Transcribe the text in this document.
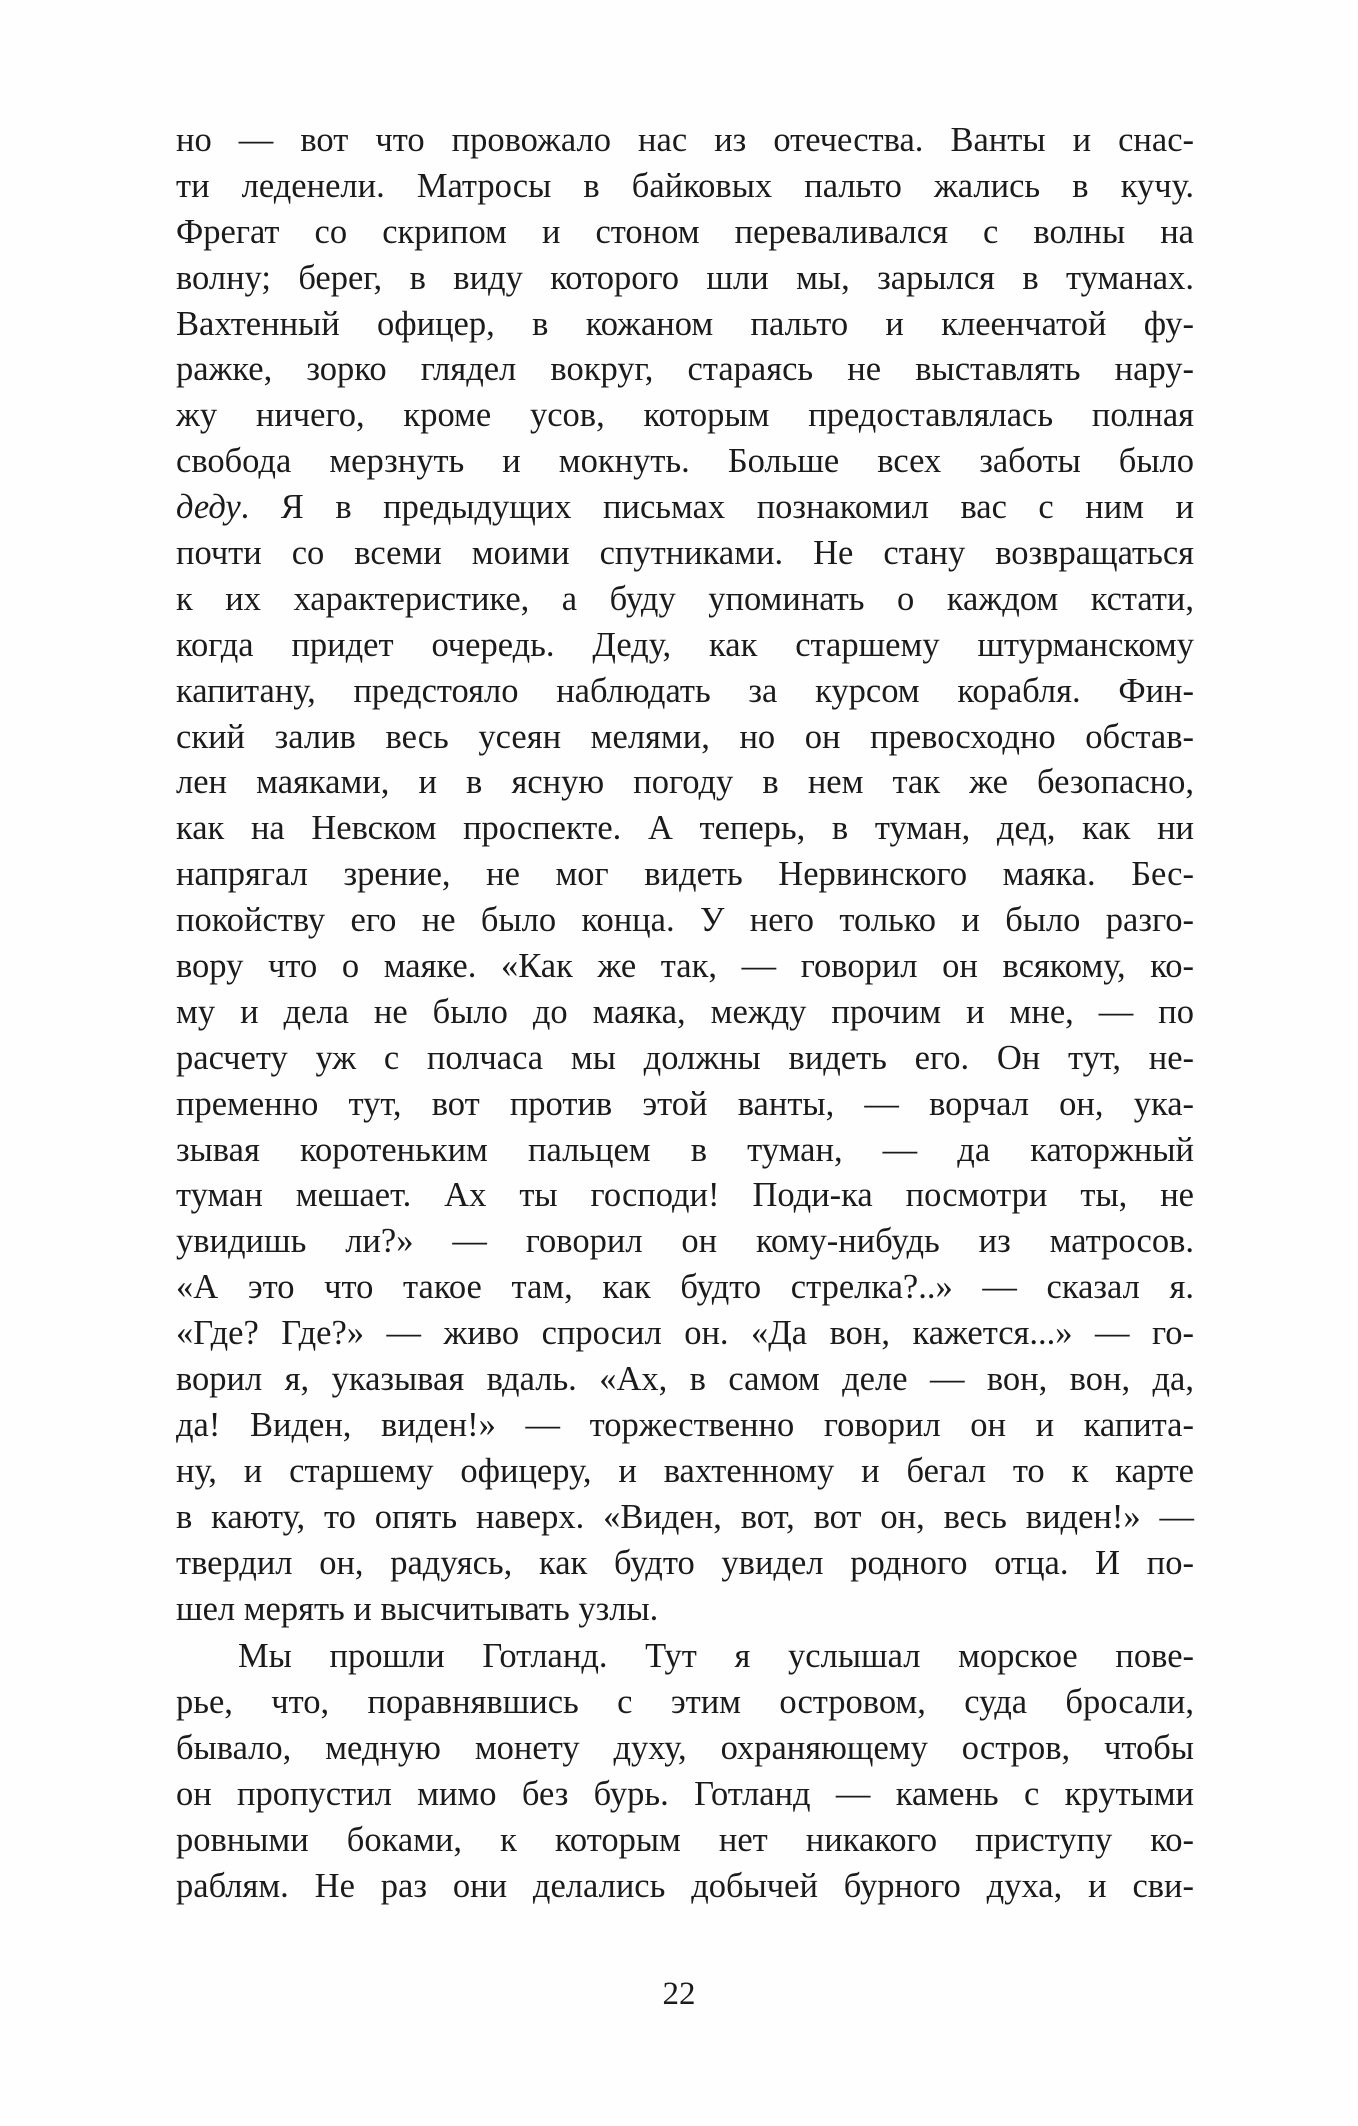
но — вот что провожало нас из отечества. Ванты и снас-
ти леденели. Матросы в байковых пальто жались в кучу.
Фрегат со скрипом и стоном переваливался с волны на
волну; берег, в виду которого шли мы, зарылся в туманах.
Вахтенный офицер, в кожаном пальто и клеенчатой фу-
ражке, зорко глядел вокруг, стараясь не выставлять нару-
жу ничего, кроме усов, которым предоставлялась полная
свобода мерзнуть и мокнуть. Больше всех заботы было
деду. Я в предыдущих письмах познакомил вас с ним и
почти со всеми моими спутниками. Не стану возвращаться
к их характеристике, а буду упоминать о каждом кстати,
когда придет очередь. Деду, как старшему штурманскому
капитану, предстояло наблюдать за курсом корабля. Фин-
ский залив весь усеян мелями, но он превосходно обстав-
лен маяками, и в ясную погоду в нем так же безопасно,
как на Невском проспекте. А теперь, в туман, дед, как ни
напрягал зрение, не мог видеть Нервинского маяка. Бес-
покойству его не было конца. У него только и было разго-
вору что о маяке. «Как же так, — говорил он всякому, ко-
му и дела не было до маяка, между прочим и мне, — по
расчету уж с полчаса мы должны видеть его. Он тут, не-
пременно тут, вот против этой ванты, — ворчал он, ука-
зывая коротеньким пальцем в туман, — да каторжный
туман мешает. Ах ты господи! Поди-ка посмотри ты, не
увидишь ли?» — говорил он кому-нибудь из матросов.
«А это что такое там, как будто стрелка?..» — сказал я.
«Где? Где?» — живо спросил он. «Да вон, кажется...» — го-
ворил я, указывая вдаль. «Ах, в самом деле — вон, вон, да,
да! Виден, виден!» — торжественно говорил он и капита-
ну, и старшему офицеру, и вахтенному и бегал то к карте
в каюту, то опять наверх. «Виден, вот, вот он, весь виден!» —
твердил он, радуясь, как будто увидел родного отца. И по-
шел мерять и высчитывать узлы.
Мы прошли Готланд. Тут я услышал морское пове-
рье, что, поравнявшись с этим островом, суда бросали,
бывало, медную монету духу, охраняющему остров, чтобы
он пропустил мимо без бурь. Готланд — камень с крутыми
ровными боками, к которым нет никакого приступу ко-
раблям. Не раз они делались добычей бурного духа, и сви-
22
